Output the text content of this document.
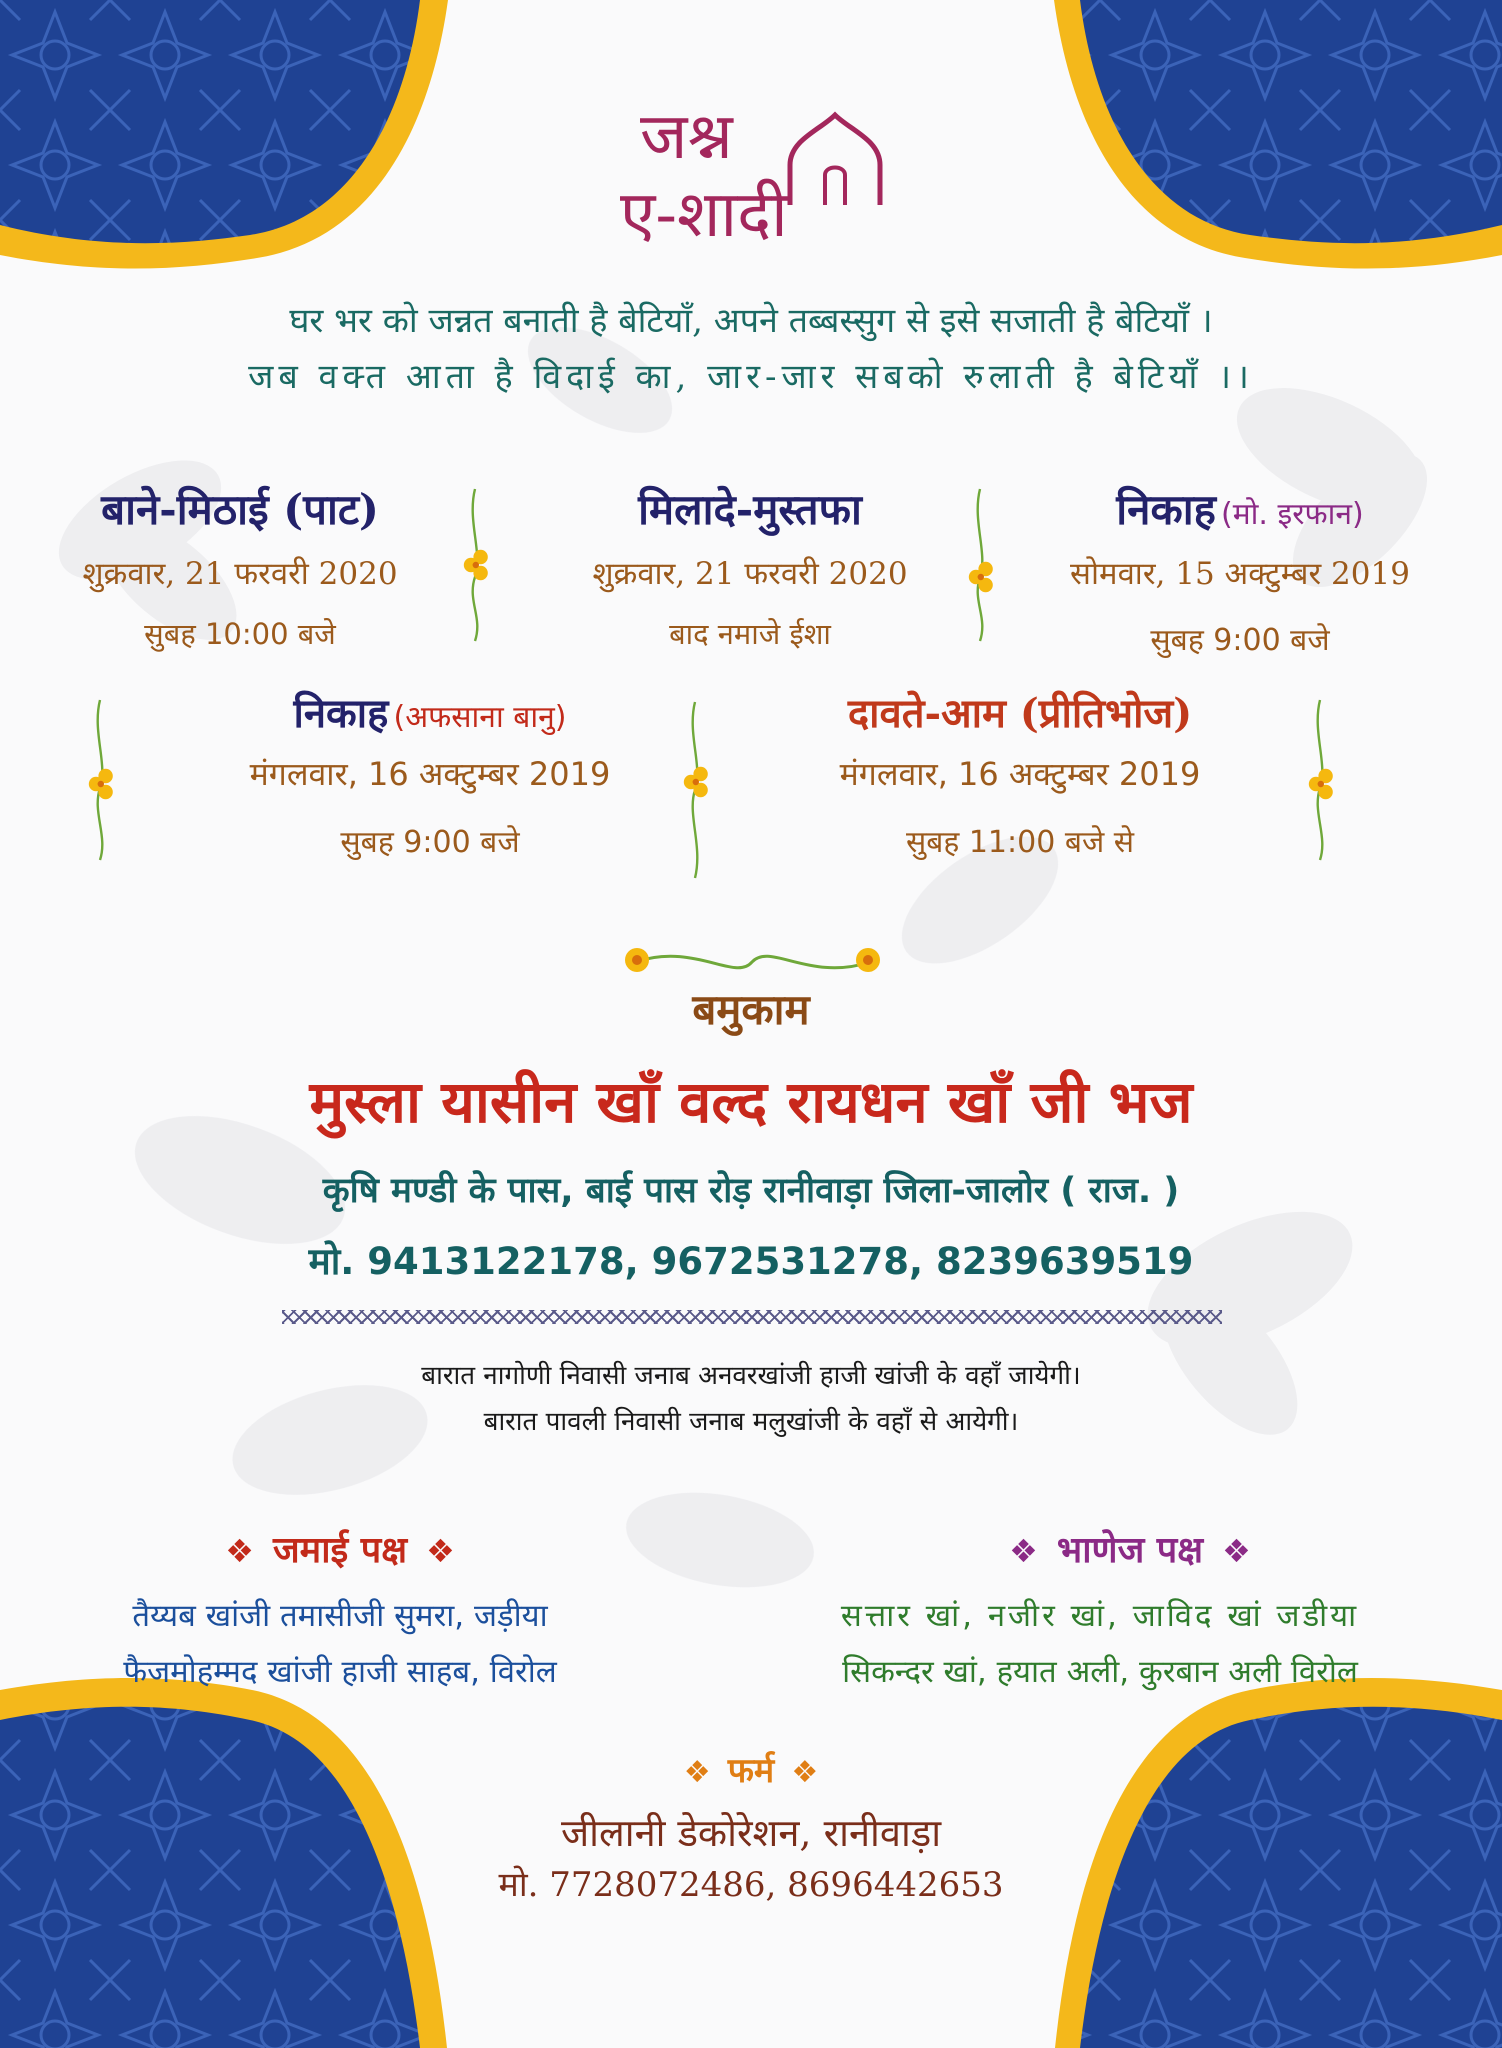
जश्न
ए-शादी
घर भर को जन्नत बनाती है बेटियाँ, अपने तब्बस्सुग से इसे सजाती है बेटियाँ ।
जब वक्त आता है विदाई का, जार-जार सबको रुलाती है बेटियाँ ।।
बाने-मिठाई (पाट)
शुक्रवार, 21 फरवरी 2020
सुबह 10:00 बजे
मिलादे-मुस्तफा
शुक्रवार, 21 फरवरी 2020
बाद नमाजे ईशा
निकाह (मो. इरफान)
सोमवार, 15 अक्टुम्बर 2019
सुबह 9:00 बजे
निकाह (अफसाना बानु)
मंगलवार, 16 अक्टुम्बर 2019
सुबह 9:00 बजे
दावते-आम (प्रीतिभोज)
मंगलवार, 16 अक्टुम्बर 2019
सुबह 11:00 बजे से
बमुकाम
मुस्ला यासीन खाँ वल्द रायधन खाँ जी भज
कृषि मण्डी के पास, बाई पास रोड़ रानीवाड़ा जिला-जालोर ( राज. )
मो. 9413122178, 9672531278, 8239639519
बारात नागोणी निवासी जनाब अनवरखांजी हाजी खांजी के वहाँ जायेगी।
बारात पावली निवासी जनाब मलुखांजी के वहाँ से आयेगी।
❖ जमाई पक्ष ❖
तैय्यब खांजी तमासीजी सुमरा, जड़ीया
फैजमोहम्मद खांजी हाजी साहब, विरोल
❖ भाणेज पक्ष ❖
सत्तार खां, नजीर खां, जाविद खां जडीया
सिकन्दर खां, हयात अली, कुरबान अली विरोल
❖ फर्म ❖
जीलानी डेकोरेशन, रानीवाड़ा
मो. 7728072486, 8696442653
